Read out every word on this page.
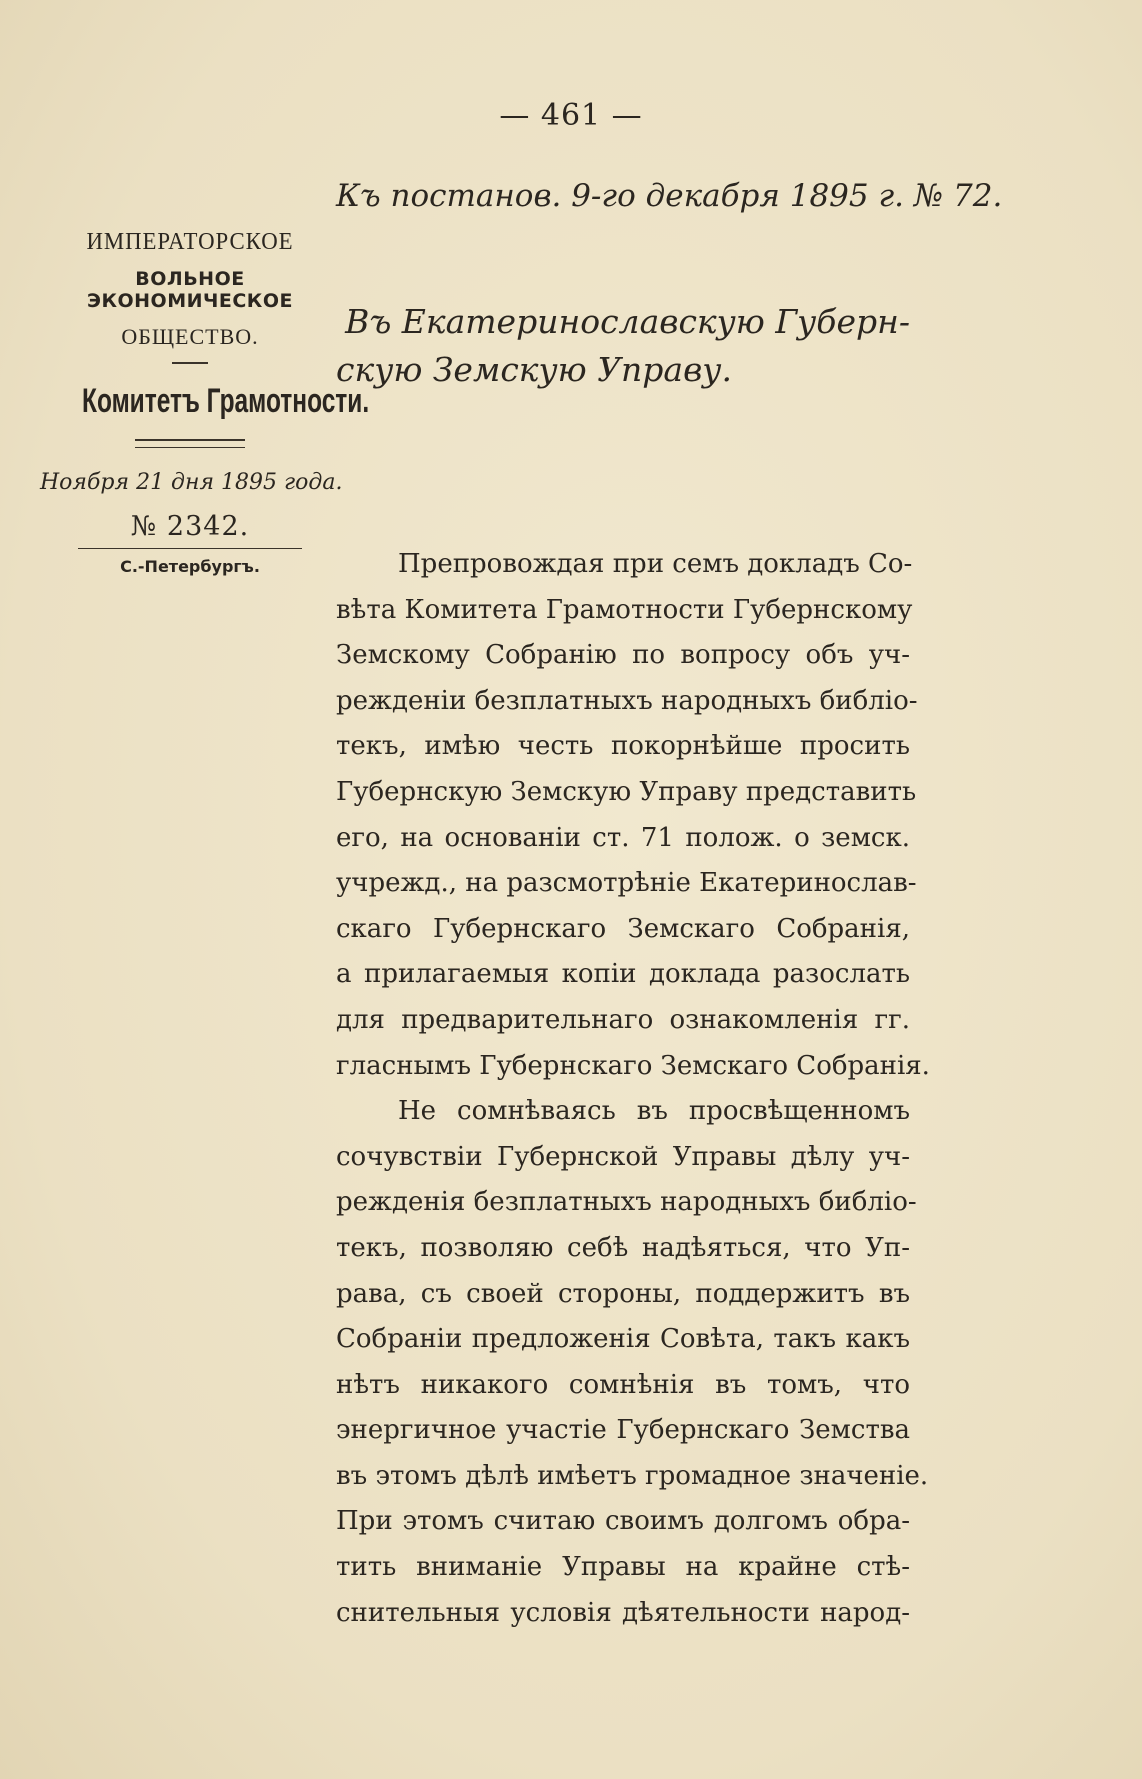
— 461 —
Къ постанов. 9-го декабря 1895 г. № 72.
ИМПЕРАТОРСКОЕ
ВОЛЬНОЕ ЭКОНОМИЧЕСКОЕ
ОБЩЕСТВО.
Комитетъ Грамотности.
Ноября 21 дня 1895 года.
№ 2342.
С.-Петербургъ.
Въ Екатеринославскую Губерн-
скую Земскую Управу.
Препровождая при семъ докладъ Со-
вѣта Комитета Грамотности Губернскому
Земскому Собранію по вопросу объ уч-
режденіи безплатныхъ народныхъ библіо-
текъ, имѣю честь покорнѣйше просить
Губернскую Земскую Управу представить
его, на основаніи ст. 71 полож. о земск.
учрежд., на разсмотрѣніе Екатеринослав-
скаго Губернскаго Земскаго Собранія,
а прилагаемыя копіи доклада разослать
для предварительнаго ознакомленія гг.
гласнымъ Губернскаго Земскаго Собранія.
Не сомнѣваясь въ просвѣщенномъ
сочувствіи Губернской Управы дѣлу уч-
режденія безплатныхъ народныхъ библіо-
текъ, позволяю себѣ надѣяться, что Уп-
рава, съ своей стороны, поддержитъ въ
Собраніи предложенія Совѣта, такъ какъ
нѣтъ никакого сомнѣнія въ томъ, что
энергичное участіе Губернскаго Земства
въ этомъ дѣлѣ имѣетъ громадное значеніе.
При этомъ считаю своимъ долгомъ обра-
тить вниманіе Управы на крайне стѣ-
снительныя условія дѣятельности народ-
